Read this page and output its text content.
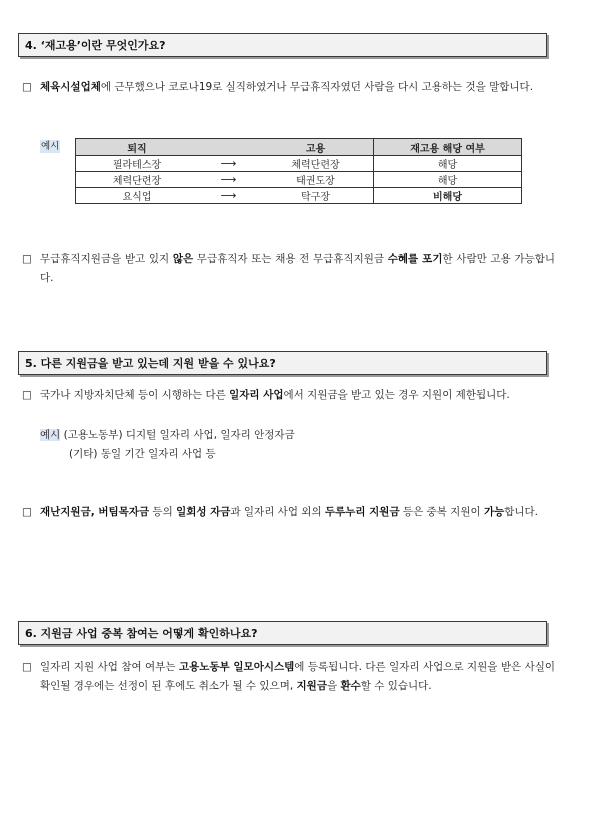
4. ‘재고용’이란 무엇인가요?
□ 체육시설업체에 근무했으나 코로나19로 실직하였거나 무급휴직자였던 사람을 다시 고용하는 것을 말합니다.
예시	퇴직		고용	재고용 해당 여부
필라테스장	⟶	체력단련장	해당
체력단련장	⟶	태권도장	해당
요식업	⟶	탁구장	비해당
□ 무급휴직지원금을 받고 있지 않은 무급휴직자 또는 채용 전 무급휴직지원금 수혜를 포기한 사람만 고용 가능합니다.
5. 다른 지원금을 받고 있는데 지원 받을 수 있나요?
□ 국가나 지방자치단체 등이 시행하는 다른 일자리 사업에서 지원금을 받고 있는 경우 지원이 제한됩니다.
예시 (고용노동부) 디지털 일자리 사업, 일자리 안정자금
(기타) 동일 기간 일자리 사업 등
□ 재난지원금, 버팀목자금 등의 일회성 자금과 일자리 사업 외의 두루누리 지원금 등은 중복 지원이 가능합니다.
6. 지원금 사업 중복 참여는 어떻게 확인하나요?
□ 일자리 지원 사업 참여 여부는 고용노동부 일모아시스템에 등록됩니다. 다른 일자리 사업으로 지원을 받은 사실이 확인될 경우에는 선정이 된 후에도 취소가 될 수 있으며, 지원금을 환수할 수 있습니다.
